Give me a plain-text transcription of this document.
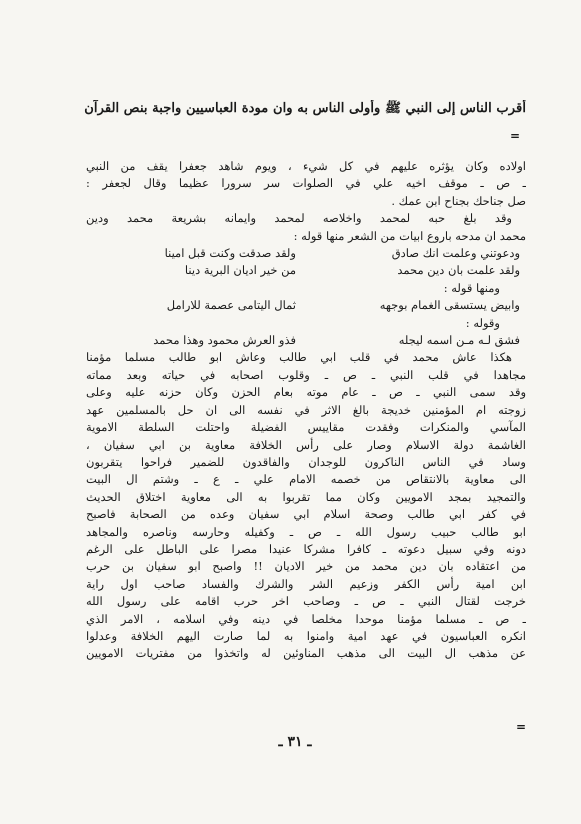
أقرب الناس إلى النبي ﷺ وأولى الناس به وان مودة العباسيين واجبة بنص القرآن
=
اولاده وكان يؤثره عليهم في كل شيء ، ويوم شاهد جعفرا يقف من النبي
ـ ص ـ موقف اخيه علي في الصلوات سر سرورا عظيما وقال لجعفر :
صل جناحك بجناح ابن عمك .
وقد بلغ حبه لمحمد واخلاصه لمحمد وايمانه بشريعة محمد ودين
محمد ان مدحه باروع ابيات من الشعر منها قوله :
ودعوتني وعلمت انك صادق
ولقد صدقت وكنت قبل امينا
ولقد علمت بان دين محمد
من خير اديان البرية دينا
ومنها قوله :
وابيض يستسقى الغمام بوجهه
ثمال اليتامى عصمة للارامل
وقوله :
فشق لـه مـن اسمه ليجله
فذو العرش محمود وهذا محمد
هكذا عاش محمد في قلب ابي طالب وعاش ابو طالب مسلما مؤمنا
مجاهدا في قلب النبي ـ ص ـ وقلوب اصحابه في حياته وبعد مماته
وقد سمى النبي ـ ص ـ عام موته بعام الحزن وكان حزنه عليه وعلى
زوجته ام المؤمنين خديجة بالغ الاثر في نفسه الى ان حل بالمسلمين عهد
المآسي والمنكرات وفقدت مقاييس الفضيلة واحتلت السلطة الاموية
الغاشمة دولة الاسلام وصار على رأس الخلافة معاوية بن ابي سفيان ،
وساد في الناس الناكرون للوجدان والفاقدون للضمير فراحوا يتقربون
الى معاوية بالانتقاص من خصمه الامام علي ـ ع ـ وشتم ال البيت
والتمجيد بمجد الامويين وكان مما تقربوا به الى معاوية اختلاق الحديث
في كفر ابي طالب وصحة اسلام ابي سفيان وعده من الصحابة فاصبح
ابو طالب حبيب رسول الله ـ ص ـ وكفيله وحارسه وناصره والمجاهد
دونه وفي سبيل دعوته ـ كافرا مشركا عنيدا مصرا على الباطل على الرغم
من اعتقاده بان دين محمد من خير الاديان !! واصبح ابو سفيان بن حرب
ابن امية رأس الكفر وزعيم الشر والشرك والفساد صاحب اول راية
خرجت لقتال النبي ـ ص ـ وصاحب اخر حرب اقامه على رسول الله
ـ ص ـ مسلما مؤمنا موحدا مخلصا في دينه وفي اسلامه ، الامر الذي
انكره العباسيون في عهد امية وامنوا به لما صارت اليهم الخلافة وعدلوا
عن مذهب ال البيت الى مذهب المناوئين له واتخذوا من مفتريات الامويين
=
ـ ٣١ ـ
